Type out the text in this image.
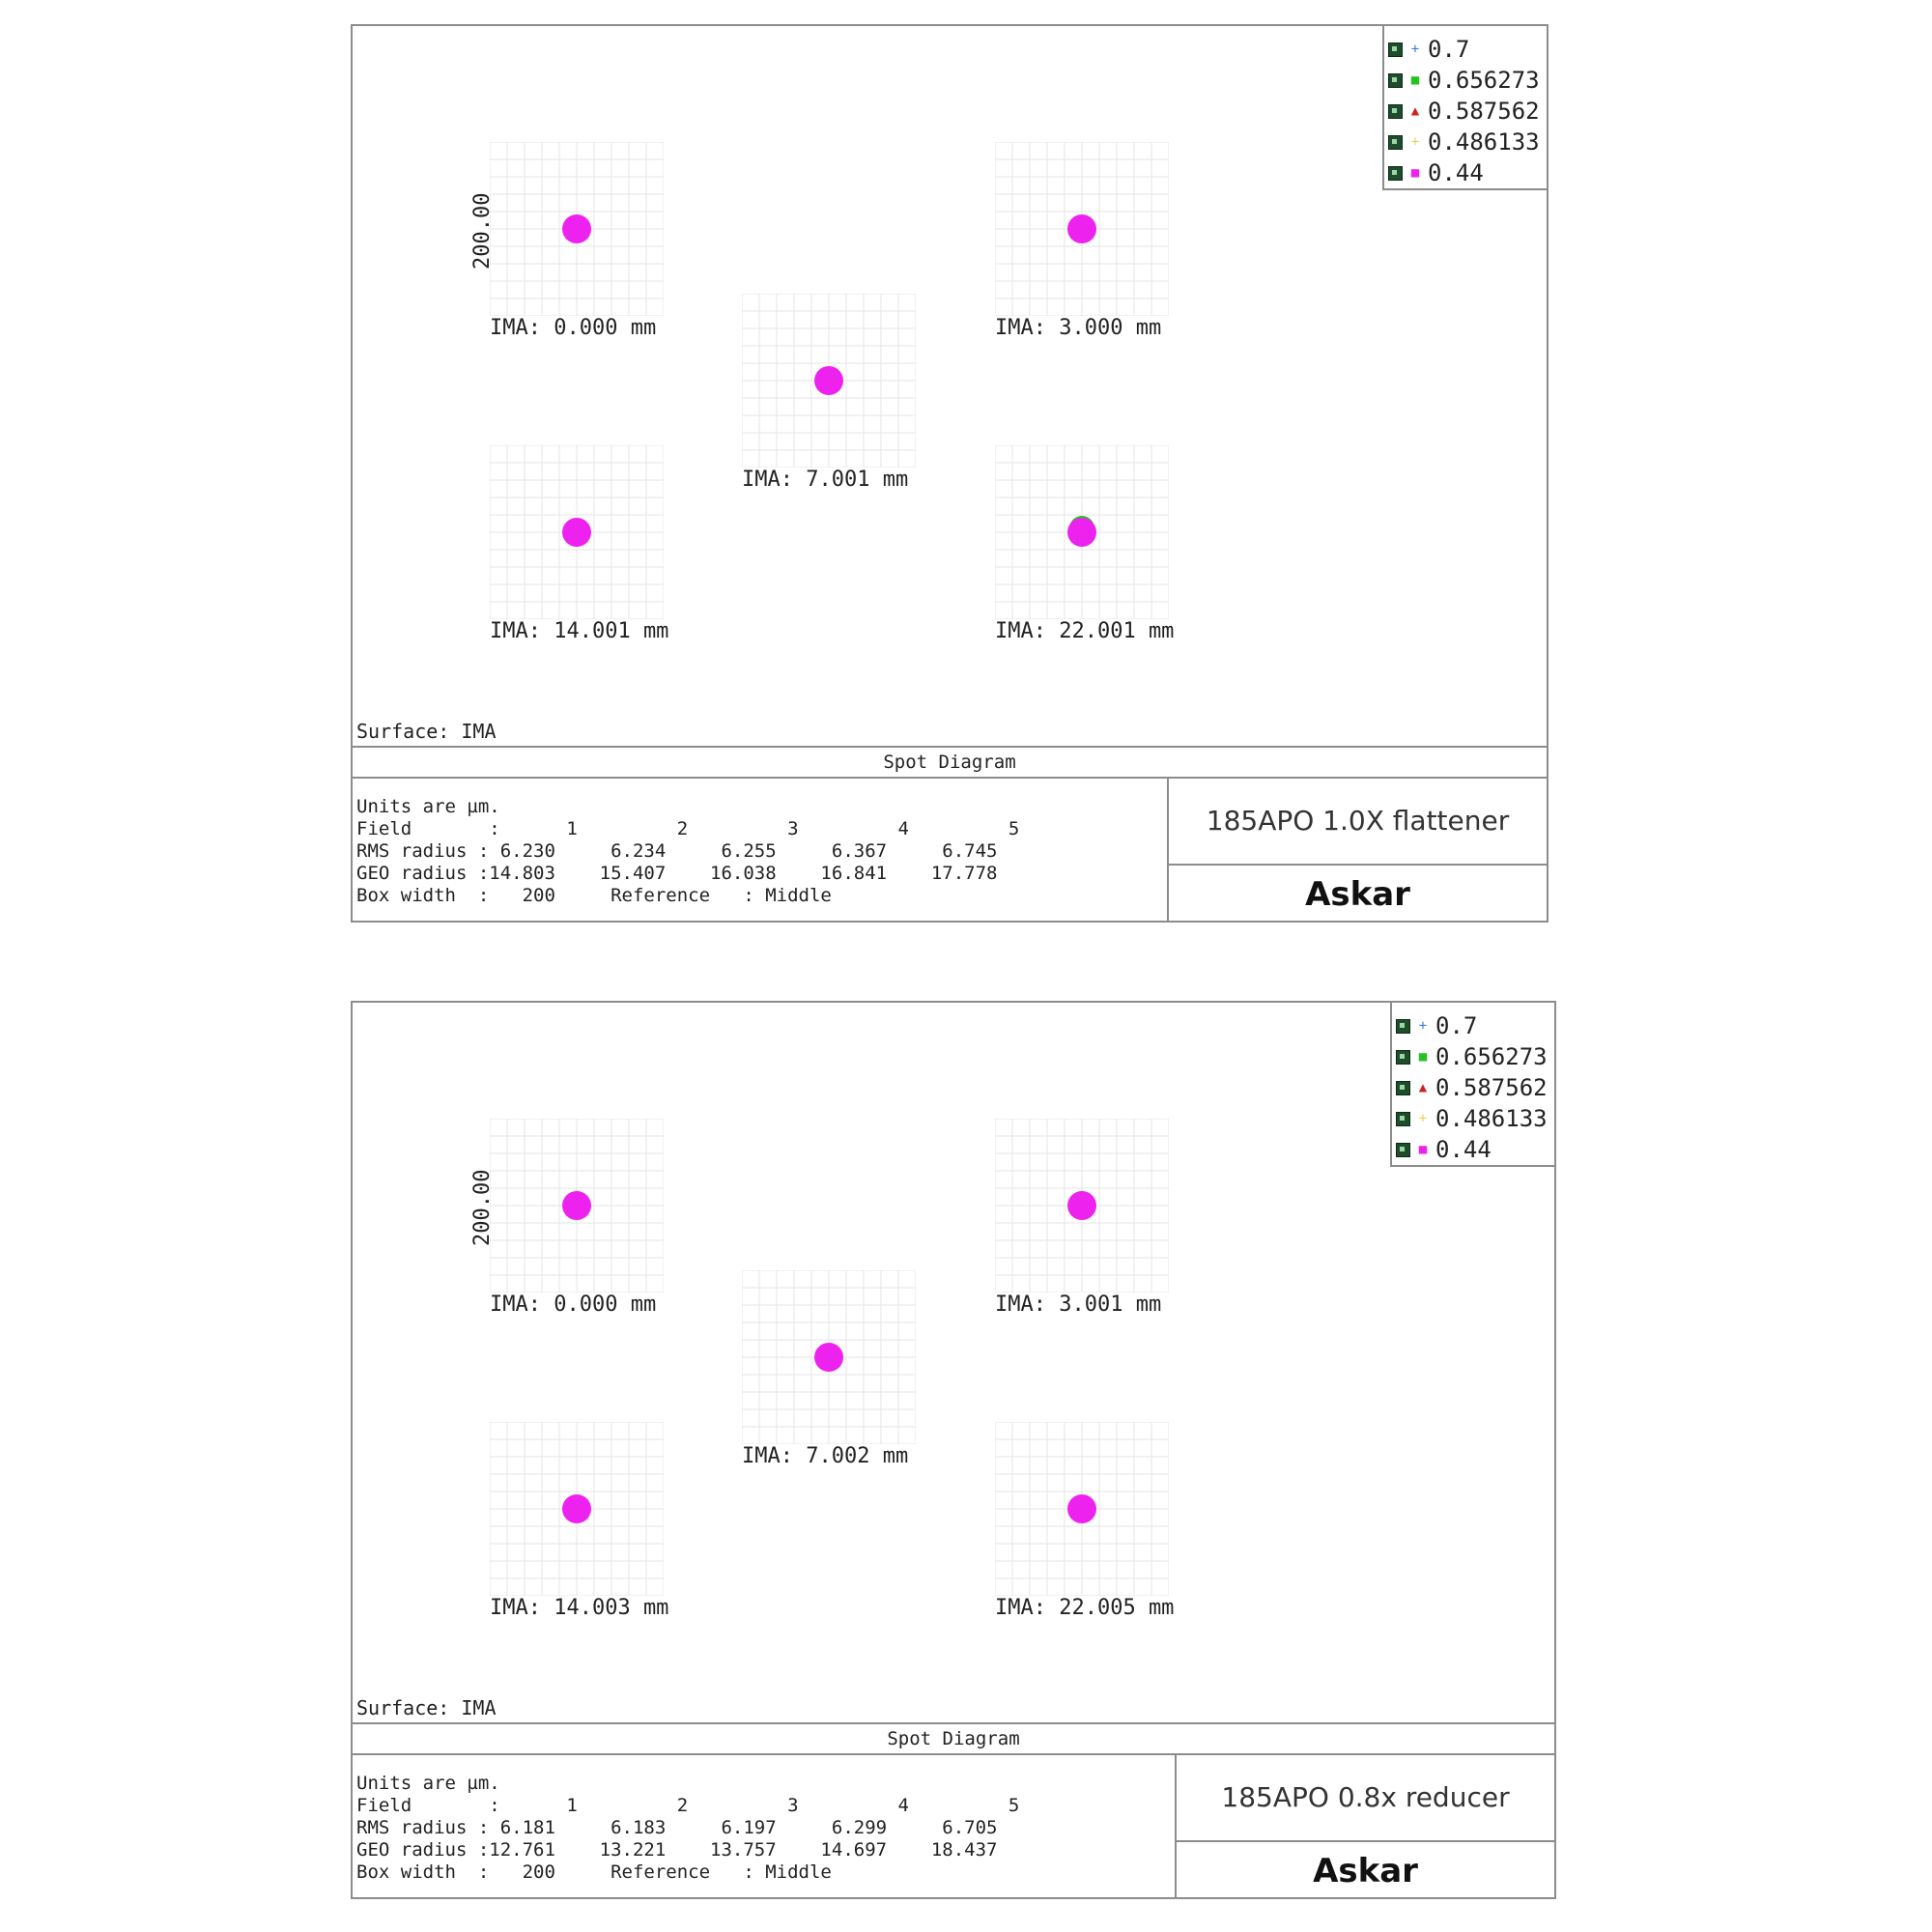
+ 0.7
■ 0.656273
▲ 0.587562
+ 0.486133
■ 0.44
200.00
IMA: 0.000 mm	IMA: 3.000 mm
IMA: 7.001 mm
IMA: 14.001 mm	IMA: 22.001 mm
Surface: IMA
Spot Diagram
Units are µm.
Field       :      1         2         3         4         5
RMS radius : 6.230     6.234     6.255     6.367     6.745
GEO radius :14.803    15.407    16.038    16.841    17.778
Box width  :   200     Reference   : Middle
185APO 1.0X flattener
Askar
+ 0.7
■ 0.656273
▲ 0.587562
+ 0.486133
■ 0.44
200.00
IMA: 0.000 mm	IMA: 3.001 mm
IMA: 7.002 mm
IMA: 14.003 mm	IMA: 22.005 mm
Surface: IMA
Spot Diagram
Units are µm.
Field       :      1         2         3         4         5
RMS radius : 6.181     6.183     6.197     6.299     6.705
GEO radius :12.761    13.221    13.757    14.697    18.437
Box width  :   200     Reference   : Middle
185APO 0.8x reducer
Askar
